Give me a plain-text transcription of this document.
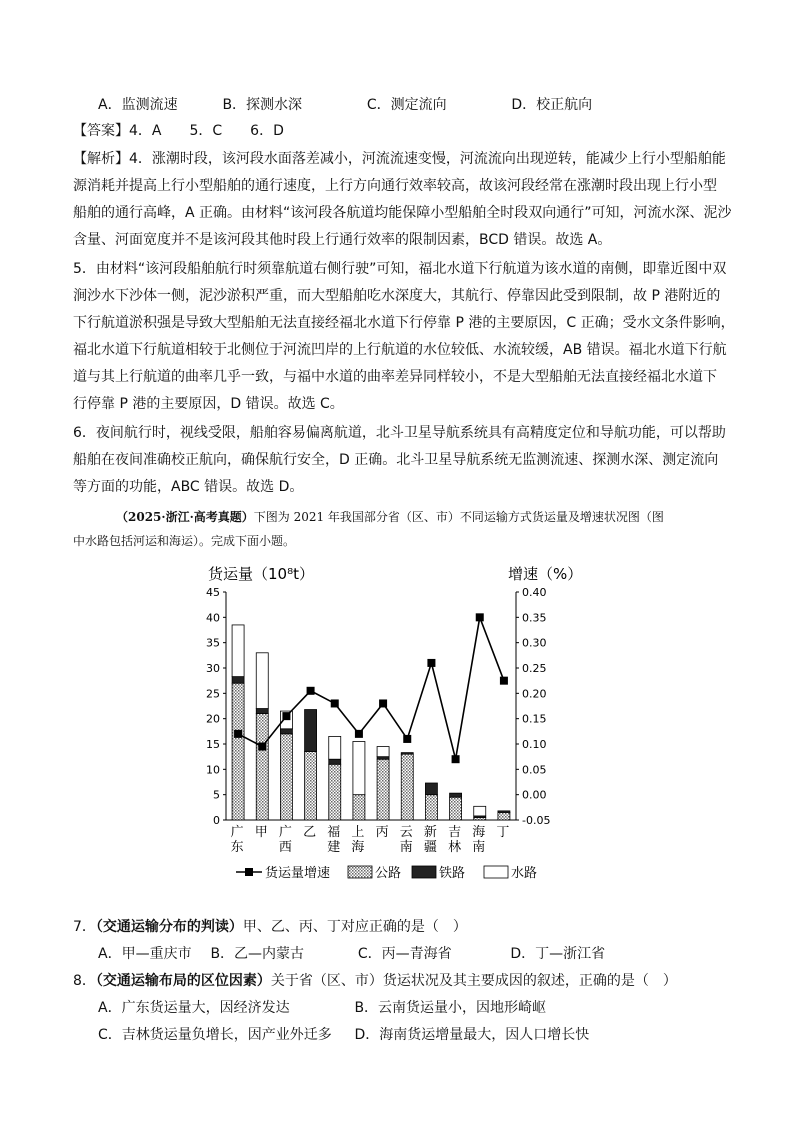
A．监测流速	B．探测水深	C．测定流向	D．校正航向
【答案】4．A　　5．C　　6．D
【解析】4．涨潮时段，该河段水面落差减小，河流流速变慢，河流流向出现逆转，能减少上行小型船舶能
源消耗并提高上行小型船舶的通行速度，上行方向通行效率较高，故该河段经常在涨潮时段出现上行小型
船舶的通行高峰，A 正确。由材料“该河段各航道均能保障小型船舶全时段双向通行”可知，河流水深、泥沙
含量、河面宽度并不是该河段其他时段上行通行效率的限制因素，BCD 错误。故选 A。
5．由材料“该河段船舶航行时须靠航道右侧行驶”可知，福北水道下行航道为该水道的南侧，即靠近图中双
涧沙水下沙体一侧，泥沙淤积严重，而大型船舶吃水深度大，其航行、停靠因此受到限制，故 P 港附近的
下行航道淤积强是导致大型船舶无法直接经福北水道下行停靠 P 港的主要原因，C 正确；受水文条件影响，
福北水道下行航道相较于北侧位于河流凹岸的上行航道的水位较低、水流较缓，AB 错误。福北水道下行航
道与其上行航道的曲率几乎一致，与福中水道的曲率差异同样较小，不是大型船舶无法直接经福北水道下
行停靠 P 港的主要原因，D 错误。故选 C。
6．夜间航行时，视线受限，船舶容易偏离航道，北斗卫星导航系统具有高精度定位和导航功能，可以帮助
船舶在夜间准确校正航向，确保航行安全，D 正确。北斗卫星导航系统无监测流速、探测水深、测定流向
等方面的功能，ABC 错误。故选 D。
（2025·浙江·高考真题）下图为 2021 年我国部分省（区、市）不同运输方式货运量及增速状况图（图
中水路包括河运和海运）。完成下面小题。
货运量（10⁸t）	增速（%）
0
5
10
15
20
25
30
35
40
45
-0.05
0.00
0.05
0.10
0.15
0.20
0.25
0.30
0.35
0.40
广
东
甲 广
西
乙 福
建
上
海
丙 云
南
新
疆
吉
林
海
南
丁
货运量增速	公路	铁路	水路
7．（交通运输分布的判读）甲、乙、丙、丁对应正确的是（　）
A．甲—重庆市 B．乙—内蒙古	C．丙—青海省	D．丁—浙江省
8．（交通运输布局的区位因素）关于省（区、市）货运状况及其主要成因的叙述，正确的是（　）
A．广东货运量大，因经济发达	B．云南货运量小，因地形崎岖
C．吉林货运量负增长，因产业外迁多 D．海南货运增量最大，因人口增长快
